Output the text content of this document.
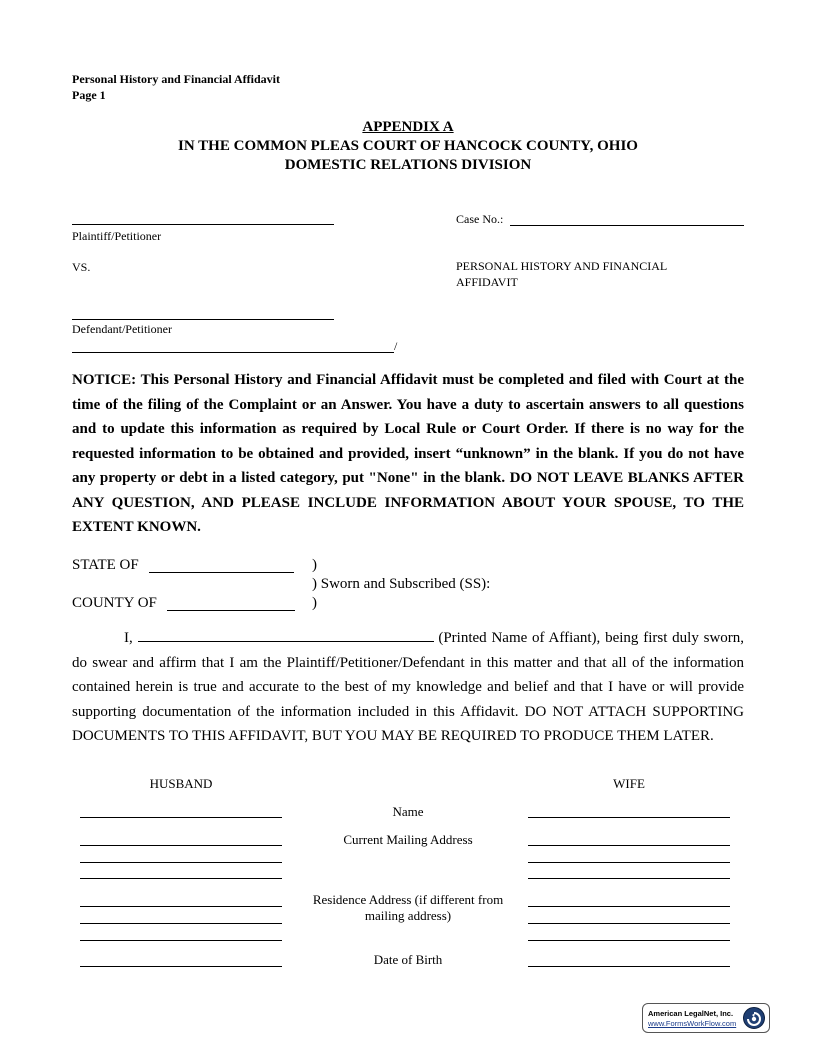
Personal History and Financial Affidavit
Page 1
APPENDIX A
IN THE COMMON PLEAS COURT OF HANCOCK COUNTY, OHIO
DOMESTIC RELATIONS DIVISION
Plaintiff/Petitioner
VS.
Defendant/Petitioner
/
Case No.:
PERSONAL HISTORY AND FINANCIAL
AFFIDAVIT

NOTICE: This Personal History and Financial Affidavit must be completed and filed with Court at the time of the filing of the Complaint or an Answer. You have a duty to ascertain answers to all questions and to update this information as required by Local Rule or Court Order. If there is no way for the requested information to be obtained and provided, insert “unknown” in the blank. If you do not have any property or debt in a listed category, put "None" in the blank. DO NOT LEAVE BLANKS AFTER ANY QUESTION, AND PLEASE INCLUDE INFORMATION ABOUT YOUR SPOUSE, TO THE EXTENT KNOWN.

STATE OF	)
) Sworn and Subscribed (SS):
COUNTY OF	)

I,	(Printed Name of Affiant), being first duly sworn, do swear and affirm that I am the Plaintiff/Petitioner/Defendant in this matter and that all of the information contained herein is true and accurate to the best of my knowledge and belief and that I have or will provide supporting documentation of the information included in this Affidavit. DO NOT ATTACH SUPPORTING DOCUMENTS TO THIS AFFIDAVIT, BUT YOU MAY BE REQUIRED TO PRODUCE THEM LATER.

HUSBAND	WIFE
Name
Current Mailing Address
Residence Address (if different from
mailing address)
Date of Birth
American LegalNet, Inc.
www.FormsWorkFlow.com
